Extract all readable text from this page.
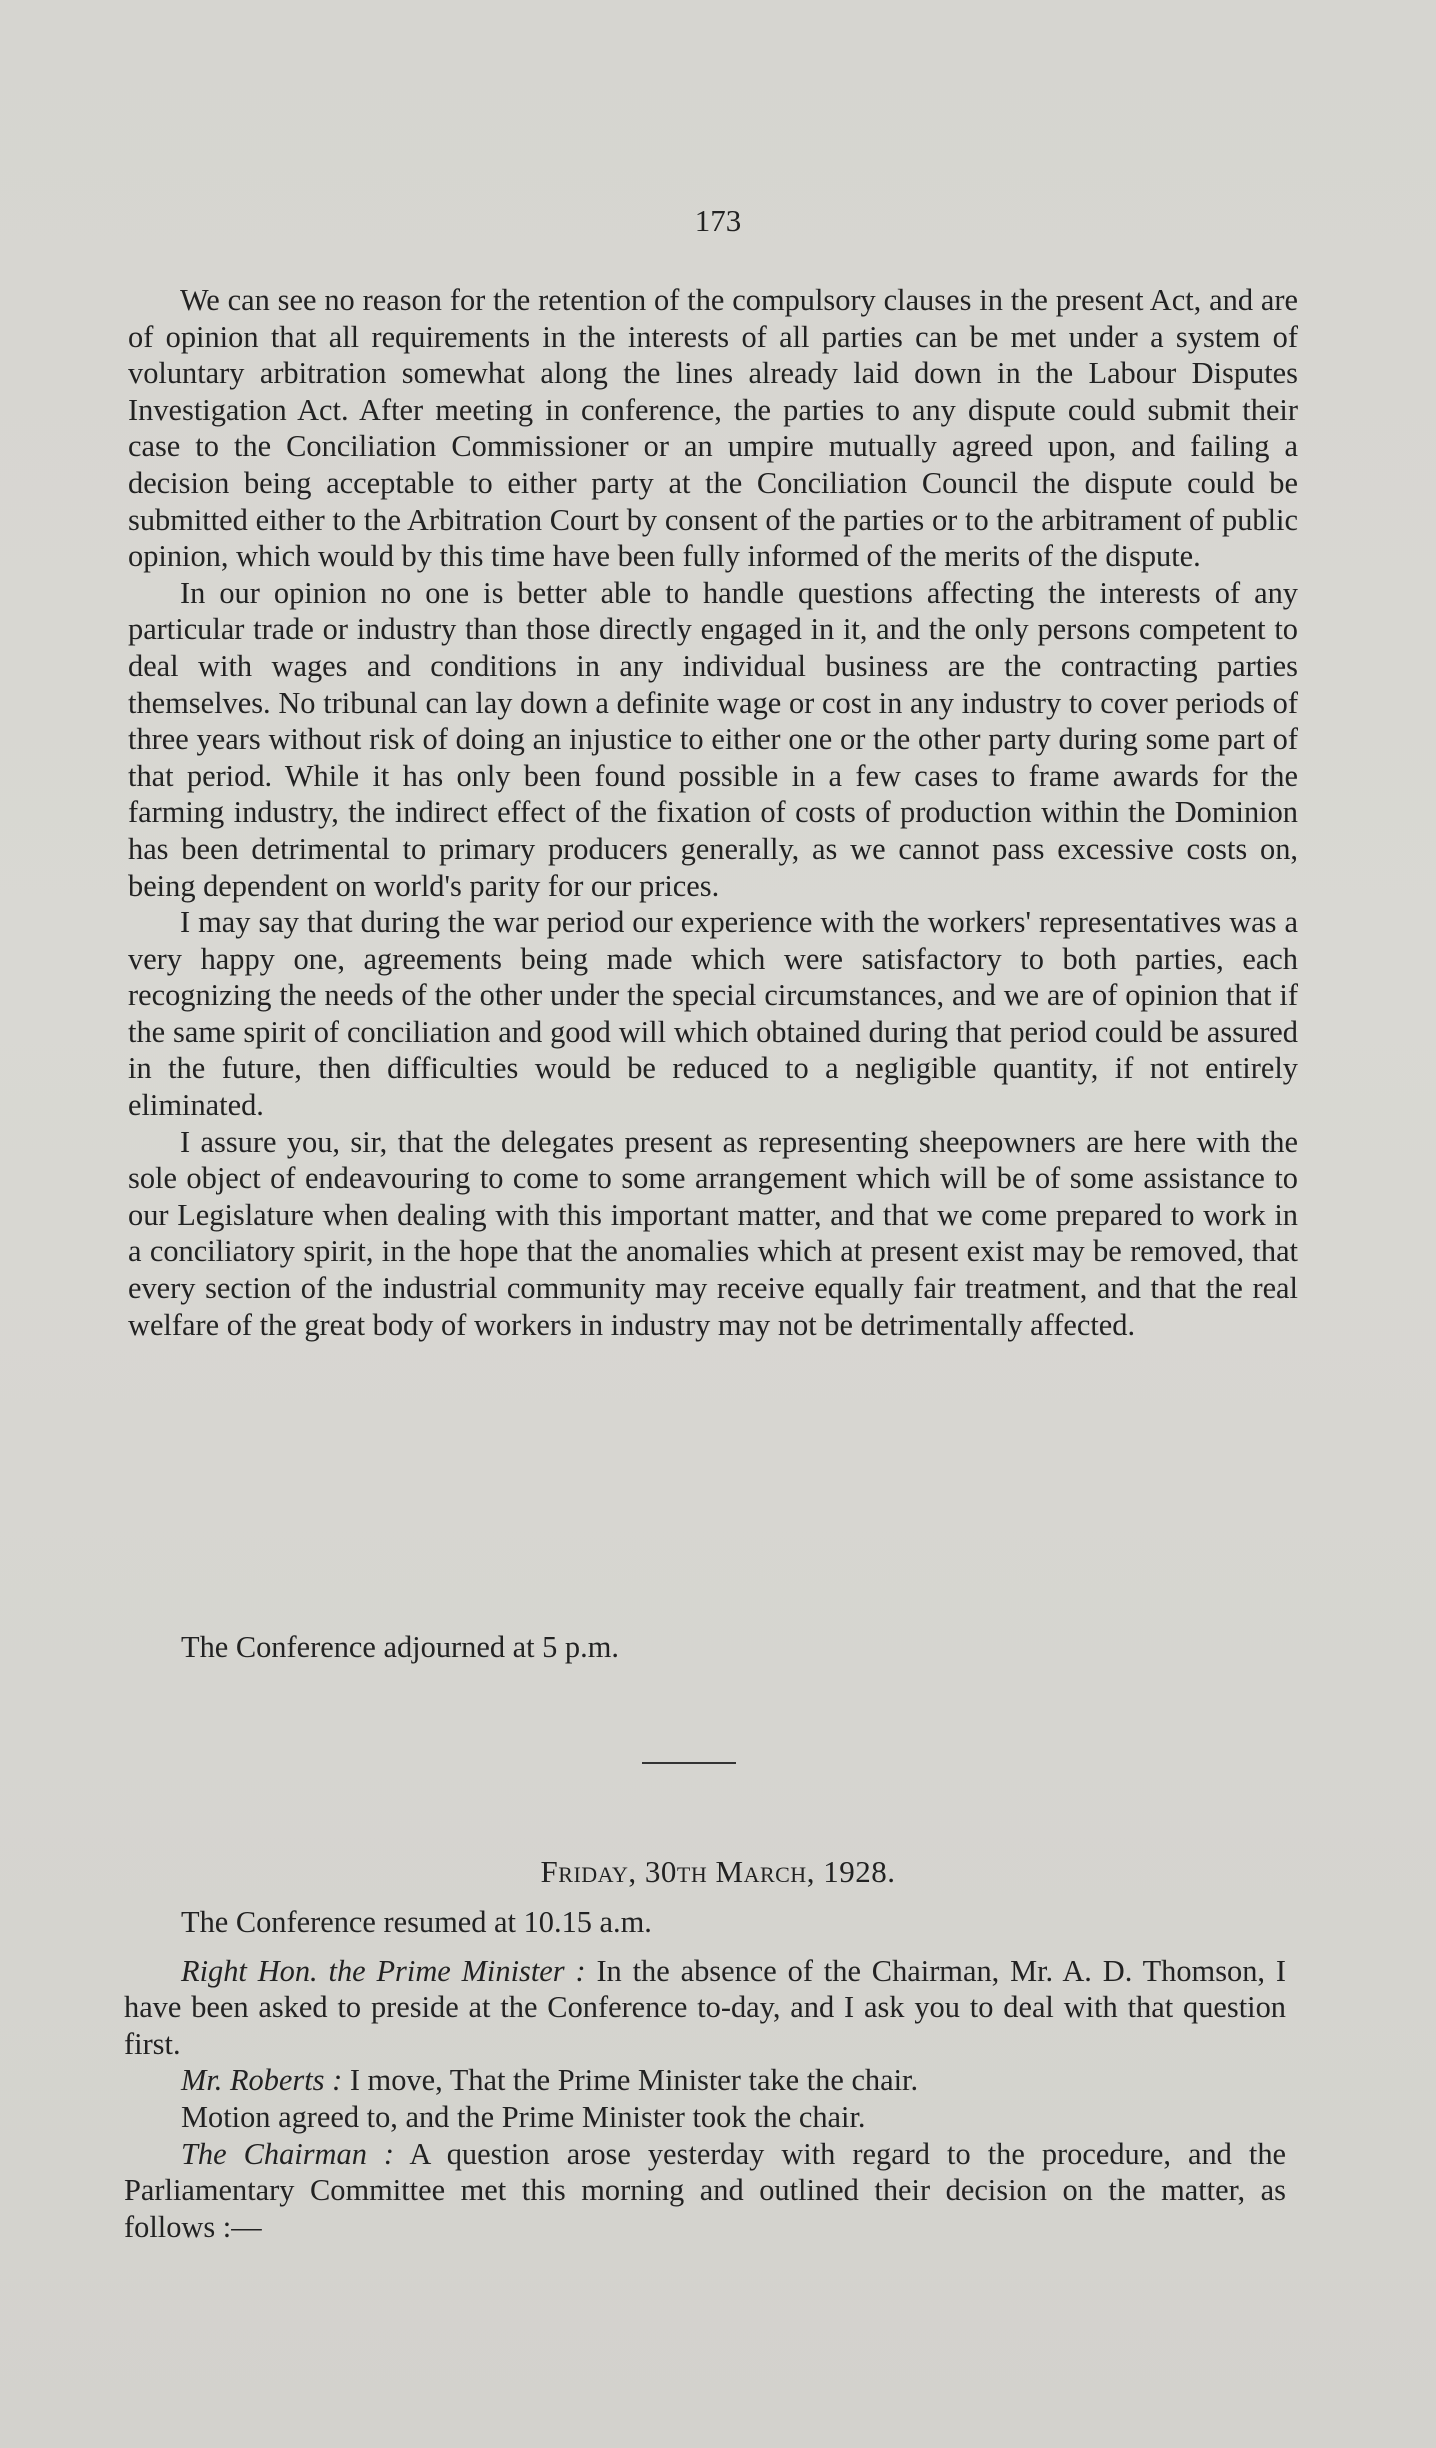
173

We can see no reason for the retention of the compulsory clauses in the present Act, and are of opinion that all requirements in the interests of all parties can be met under a system of voluntary arbitration somewhat along the lines already laid down in the Labour Disputes Investigation Act. After meeting in conference, the parties to any dispute could submit their case to the Conciliation Commissioner or an umpire mutually agreed upon, and failing a decision being acceptable to either party at the Conciliation Council the dispute could be submitted either to the Arbitration Court by consent of the parties or to the arbitrament of public opinion, which would by this time have been fully informed of the merits of the dispute.

In our opinion no one is better able to handle questions affecting the interests of any particular trade or industry than those directly engaged in it, and the only persons competent to deal with wages and conditions in any individual business are the contracting parties themselves. No tribunal can lay down a definite wage or cost in any industry to cover periods of three years without risk of doing an injustice to either one or the other party during some part of that period. While it has only been found possible in a few cases to frame awards for the farming industry, the indirect effect of the fixation of costs of production within the Dominion has been detrimental to primary producers generally, as we cannot pass excessive costs on, being dependent on world's parity for our prices.

I may say that during the war period our experience with the workers' representatives was a very happy one, agreements being made which were satisfactory to both parties, each recognizing the needs of the other under the special circumstances, and we are of opinion that if the same spirit of conciliation and good will which obtained during that period could be assured in the future, then difficulties would be reduced to a negligible quantity, if not entirely eliminated.

I assure you, sir, that the delegates present as representing sheepowners are here with the sole object of endeavouring to come to some arrangement which will be of some assistance to our Legislature when dealing with this important matter, and that we come prepared to work in a conciliatory spirit, in the hope that the anomalies which at present exist may be removed, that every section of the industrial community may receive equally fair treatment, and that the real welfare of the great body of workers in industry may not be detrimentally affected.

The Conference adjourned at 5 p.m.
Friday, 30th March, 1928.

The Conference resumed at 10.15 a.m.

Right Hon. the Prime Minister : In the absence of the Chairman, Mr. A. D. Thomson, I have been asked to preside at the Conference to-day, and I ask you to deal with that question first.

Mr. Roberts : I move, That the Prime Minister take the chair.

Motion agreed to, and the Prime Minister took the chair.

The Chairman : A question arose yesterday with regard to the procedure, and the Parliamentary Committee met this morning and outlined their decision on the matter, as follows :—
